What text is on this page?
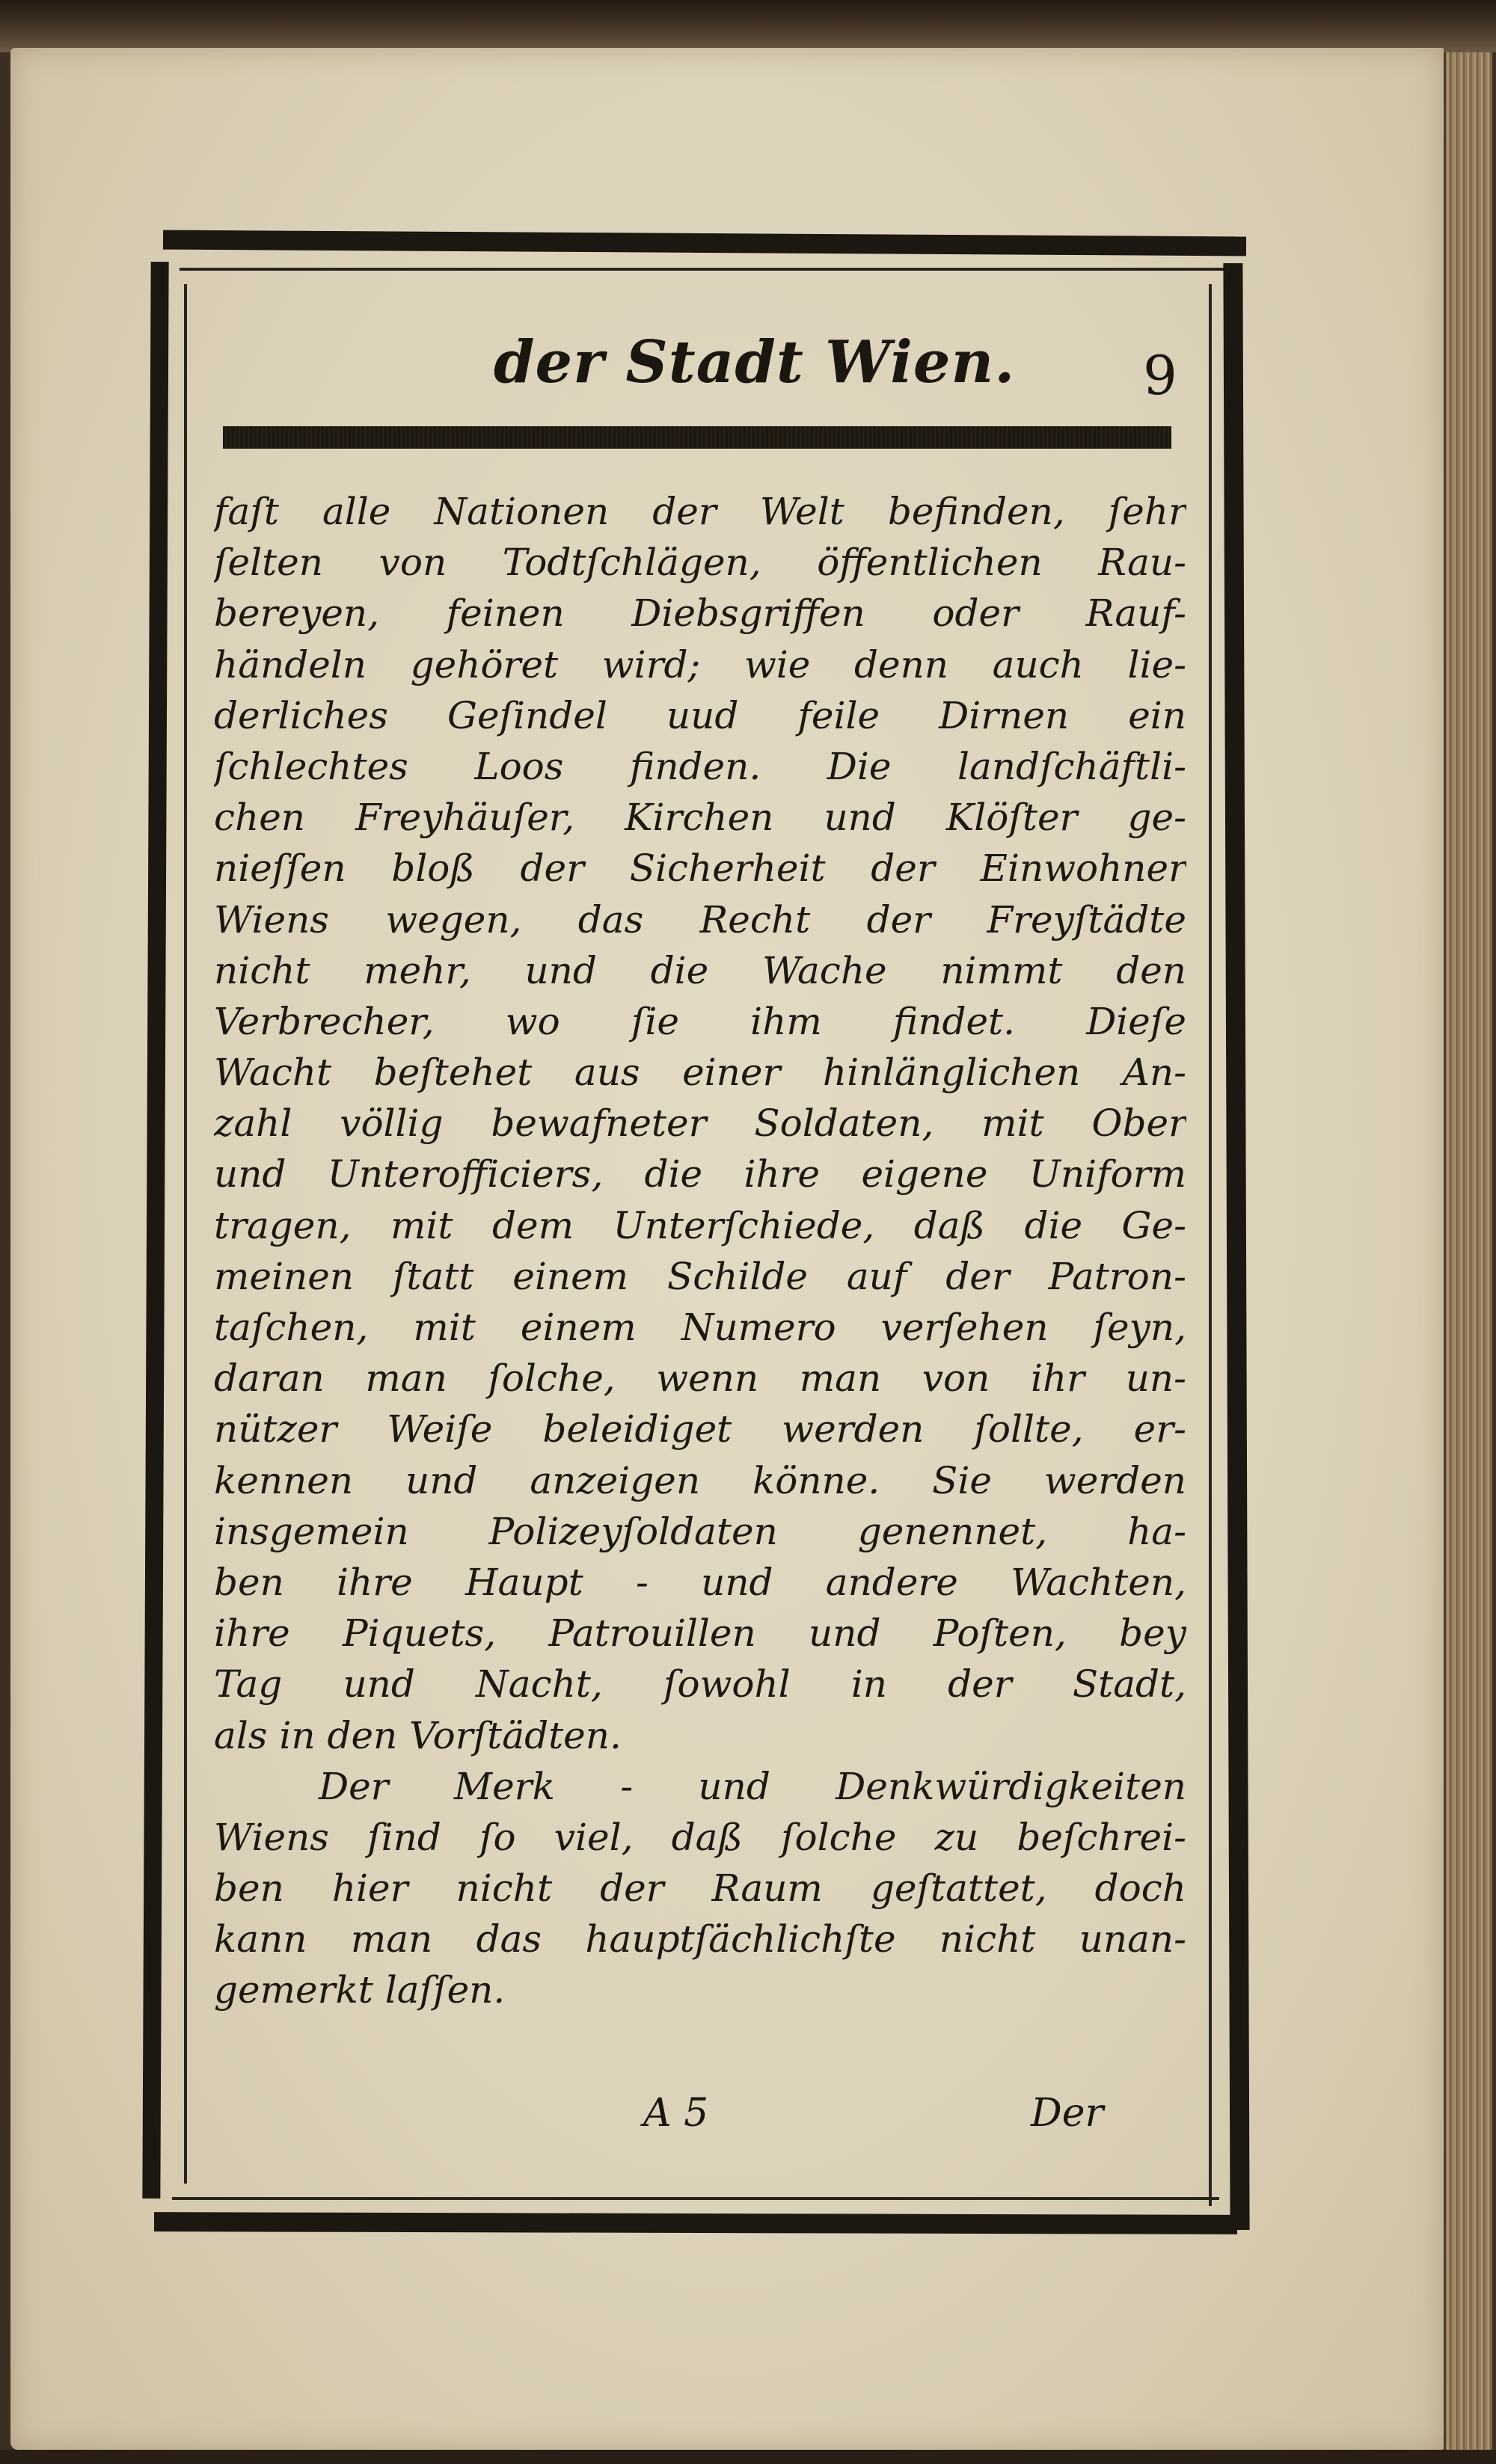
der Stadt Wien. 9
faſt alle Nationen der Welt befinden, ſehr
ſelten von Todtſchlägen, öffentlichen Rau-
bereyen, feinen Diebsgriffen oder Rauf-
händeln gehöret wird; wie denn auch lie-
derliches Geſindel uud feile Dirnen ein
ſchlechtes Loos finden. Die landſchäftli-
chen Freyhäuſer, Kirchen und Klöſter ge-
nieſſen bloß der Sicherheit der Einwohner
Wiens wegen, das Recht der Freyſtädte
nicht mehr, und die Wache nimmt den
Verbrecher, wo ſie ihm findet. Dieſe
Wacht beſtehet aus einer hinlänglichen An-
zahl völlig bewafneter Soldaten, mit Ober
und Unterofficiers, die ihre eigene Uniform
tragen, mit dem Unterſchiede, daß die Ge-
meinen ſtatt einem Schilde auf der Patron-
taſchen, mit einem Numero verſehen ſeyn,
daran man ſolche, wenn man von ihr un-
nützer Weiſe beleidiget werden ſollte, er-
kennen und anzeigen könne. Sie werden
insgemein Polizeyſoldaten genennet, ha-
ben ihre Haupt - und andere Wachten,
ihre Piquets, Patrouillen und Poſten, bey
Tag und Nacht, ſowohl in der Stadt,
als in den Vorſtädten.
Der Merk - und Denkwürdigkeiten
Wiens ſind ſo viel, daß ſolche zu beſchrei-
ben hier nicht der Raum geſtattet, doch
kann man das hauptſächlichſte nicht unan-
gemerkt laſſen.
A 5	Der
